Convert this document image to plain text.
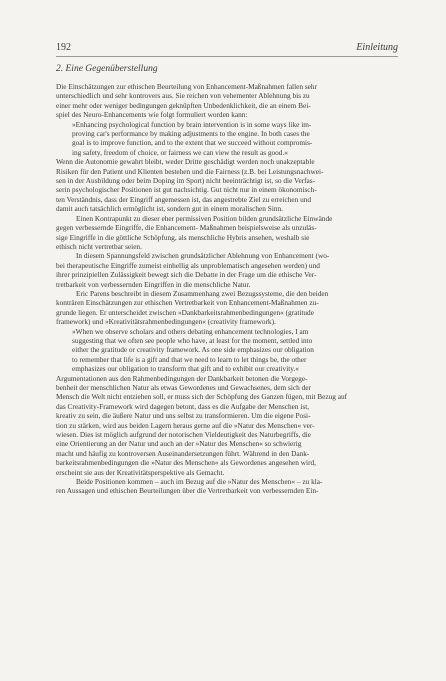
192	Einleitung
2. Eine Gegenüberstellung
Die Einschätzungen zur ethischen Beurteilung von Enhancement-Maßnahmen fallen sehr
unterschiedlich und sehr kontrovers aus. Sie reichen von vehementer Ablehnung bis zu
einer mehr oder weniger bedingungen geknüpften Unbedenklichkeit, die an einem Bei-
spiel des Neuro-Enhancements wie folgt formuliert worden kann:
»Enhancing psychological function by brain intervention is in some ways like im-
proving car's performance by making adjustments to the engine. In both cases the
goal is to improve function, and to the extent that we succeed without compromis-
ing safety, freedom of choice, or fairness we can view the result as good.«
Wenn die Autonomie gewahrt bleibt, weder Dritte geschädigt werden noch unakzeptable
Risiken für den Patient und Klienten bestehen und die Fairness (z.B. bei Leistungsnachwei-
sen in der Ausbildung oder beim Doping im Sport) nicht beeinträchtigt ist, so die Verfas-
serin psychologischer Positionen ist gut nachsichtig. Gut nicht nur in einem ökonomisch-
ten Verständnis, dass der Eingriff angemessen ist, das angestrebte Ziel zu erreichen und
damit auch tatsächlich ermöglicht ist, sondern gut in einem moralischen Sinn.
Einen Kontrapunkt zu dieser eher permissiven Position bilden grundsätzliche Einwände
gegen verbessernde Eingriffe, die Enhancement- Maßnahmen beispielsweise als unzuläs-
sige Eingriffe in die göttliche Schöpfung, als menschliche Hybris ansehen, weshalb sie
ethisch nicht vertretbar seien.
In diesem Spannungsfeld zwischen grundsätzlicher Ablehnung von Enhancement (wo-
bei therapeutische Eingriffe zumeist einhellig als unproblematisch angesehen werden) und
ihrer prinzipiellen Zulässigkeit bewegt sich die Debatte in der Frage um die ethische Ver-
tretbarkeit von verbessernden Eingriffen in die menschliche Natur.
Eric Parens beschreibt in diesem Zusammenhang zwei Bezugssysteme, die den beiden
konträren Einschätzungen zur ethischen Vertretbarkeit von Enhancement-Maßnahmen zu-
grunde liegen. Er unterscheidet zwischen »Dankbarkeitsrahmenbedingungen« (gratitude
framework) und »Kreativitätsrahmenbedingungen« (creativity framework).
»When we observe scholars and others debating enhancement technologies, I am
suggesting that we often see people who have, at least for the moment, settled into
either the gratitude or creativity framework. As one side emphasizes our obligation
to remember that life is a gift and that we need to learn to let things be, the other
emphasizes our obligation to transform that gift and to exhibit our creativity.«
Argumentationen aus den Rahmenbedingungen der Dankbarkeit betonen die Vorgege-
benheit der menschlichen Natur als etwas Gewordenes und Gewachsenes, dem sich der
Mensch die Welt nicht entziehen soll, er muss sich der Schöpfung des Ganzen fügen, mit Bezug auf
das Creativity-Framework wird dagegen betont, dass es die Aufgabe der Menschen ist,
kreativ zu sein, die äußere Natur und uns selbst zu transformieren. Um die eigene Posi-
tion zu stärken, wird aus beiden Lagern heraus gerne auf die »Natur des Menschen« ver-
wiesen. Dies ist möglich aufgrund der notorischen Vieldeutigkeit des Naturbegriffs, die
eine Orientierung an der Natur und auch an der »Natur des Menschen« so schwierig
macht und häufig zu kontroversen Auseinandersetzungen führt. Während in den Dank-
barkeitsrahmenbedingungen die »Natur des Menschen« als Gewordenes angesehen wird,
erscheint sie aus der Kreativitätsperspektive als Gemacht.
Beide Positionen kommen – auch im Bezug auf die »Natur des Menschen« – zu kla-
ren Aussagen und ethischen Beurteilungen über die Vertretbarkeit von verbessernden Ein-
